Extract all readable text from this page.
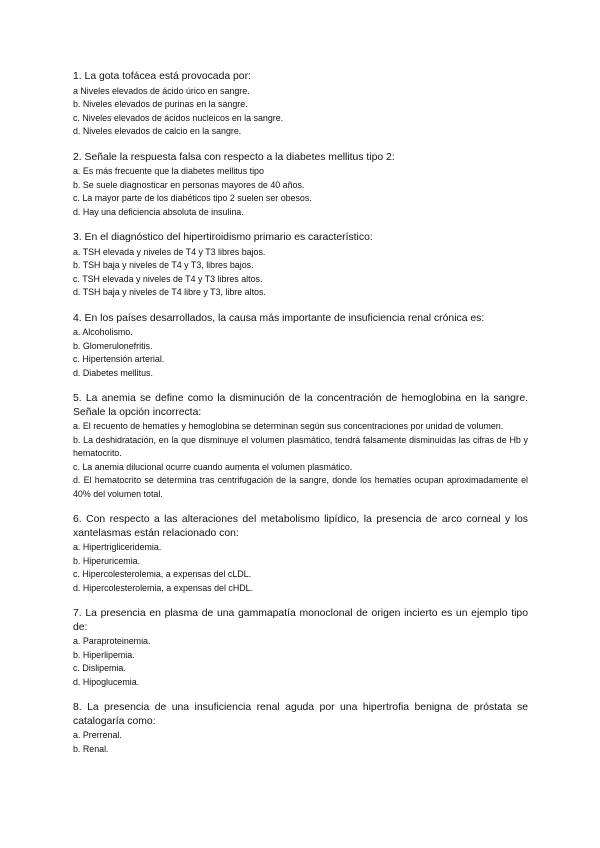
1. La gota tofácea está provocada por:

a Niveles elevados de ácido úrico en sangre.

b. Niveles elevados de purinas en la sangre.

c. Niveles elevados de ácidos nucleicos en la sangre.

d. Niveles elevados de calcio en la sangre.

2. Señale la respuesta falsa con respecto a la diabetes mellitus tipo 2:

a. Es más frecuente que la diabetes mellitus tipo

b. Se suele diagnosticar en personas mayores de 40 años.

c. La mayor parte de los diabéticos tipo 2 suelen ser obesos.

d. Hay una deficiencia absoluta de insulina.

3. En el diagnóstico del hipertiroidismo primario es característico:

a. TSH elevada y niveles de T4 y T3 libres bajos.

b. TSH baja y niveles de T4 y T3, libres bajos.

c. TSH elevada y niveles de T4 y T3 libres altos.

d. TSH baja y niveles de T4 libre y T3, libre altos.

4. En los países desarrollados, la causa más importante de insuficiencia renal crónica es:

a. Alcoholismo.

b. Glomerulonefritis.

c. Hipertensión arterial.

d. Diabetes mellitus.

5. La anemia se define como la disminución de la concentración de hemoglobina en la sangre. Señale la opción incorrecta:

a. El recuento de hematíes y hemoglobina se determinan según sus concentraciones por unidad de volumen.

b. La deshidratación, en la que disminuye el volumen plasmático, tendrá falsamente disminuidas las cifras de Hb y hematocrito.

c. La anemia dilucional ocurre cuando aumenta el volumen plasmático.

d. El hematocrito se determina tras centrifugación de la sangre, donde los hematíes ocupan aproximadamente el 40% del volumen total.

6. Con respecto a las alteraciones del metabolismo lipídico, la presencia de arco corneal y los xantelasmas están relacionado con:

a. Hipertrigliceridemia.

b. Hiperuricemia.

c. Hipercolesterolemia, a expensas del cLDL.

d. Hipercolesterolemia, a expensas del cHDL.

7. La presencia en plasma de una gammapatía monoclonal de origen incierto es un ejemplo tipo de:

a. Paraproteinemia.

b. Hiperlipemia.

c. Dislipemia.

d. Hipoglucemia.

8. La presencia de una insuficiencia renal aguda por una hipertrofia benigna de próstata se catalogaría como:

a. Prerrenal.

b. Renal.
